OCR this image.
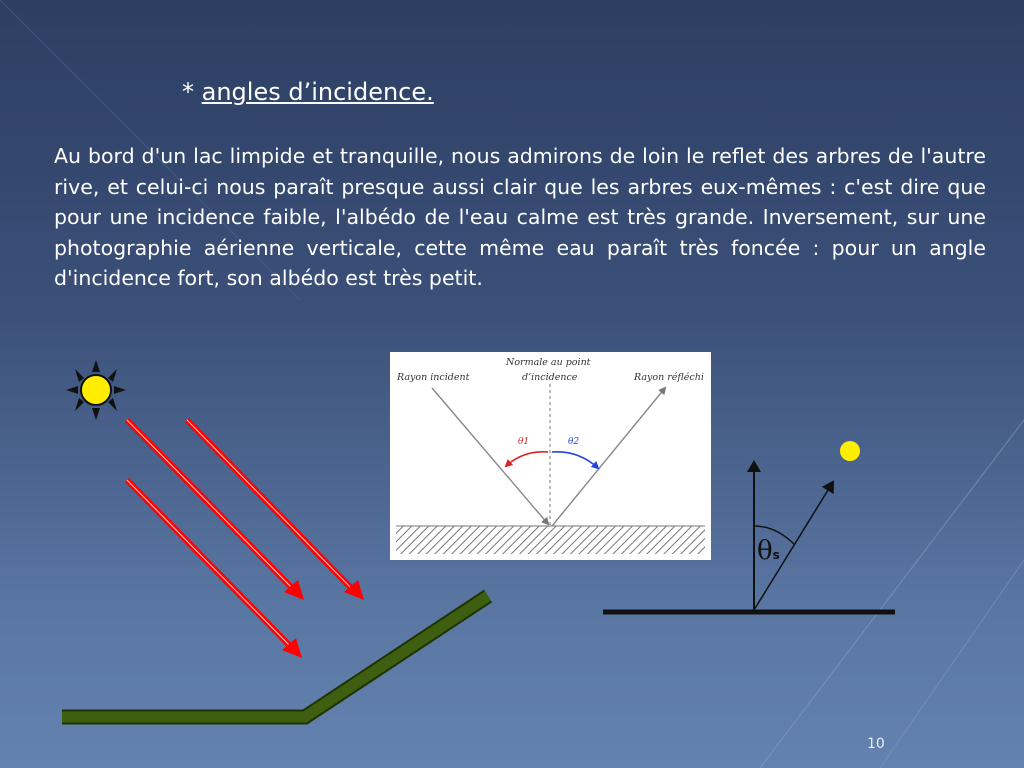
* angles d’incidence.

Au bord d'un lac limpide et tranquille, nous admirons de loin le reflet des arbres de l'autre rive, et celui-ci nous paraît presque aussi clair que les arbres eux-mêmes : c'est dire que pour une incidence faible, l'albédo de l'eau calme est très grande. Inversement, sur une photographie aérienne verticale, cette même eau paraît très foncée : pour un angle d'incidence fort, son albédo est très petit.

Rayon incident
Normale au point
d’incidence	Rayon réfléchi
θ1	θ2
θs
10
